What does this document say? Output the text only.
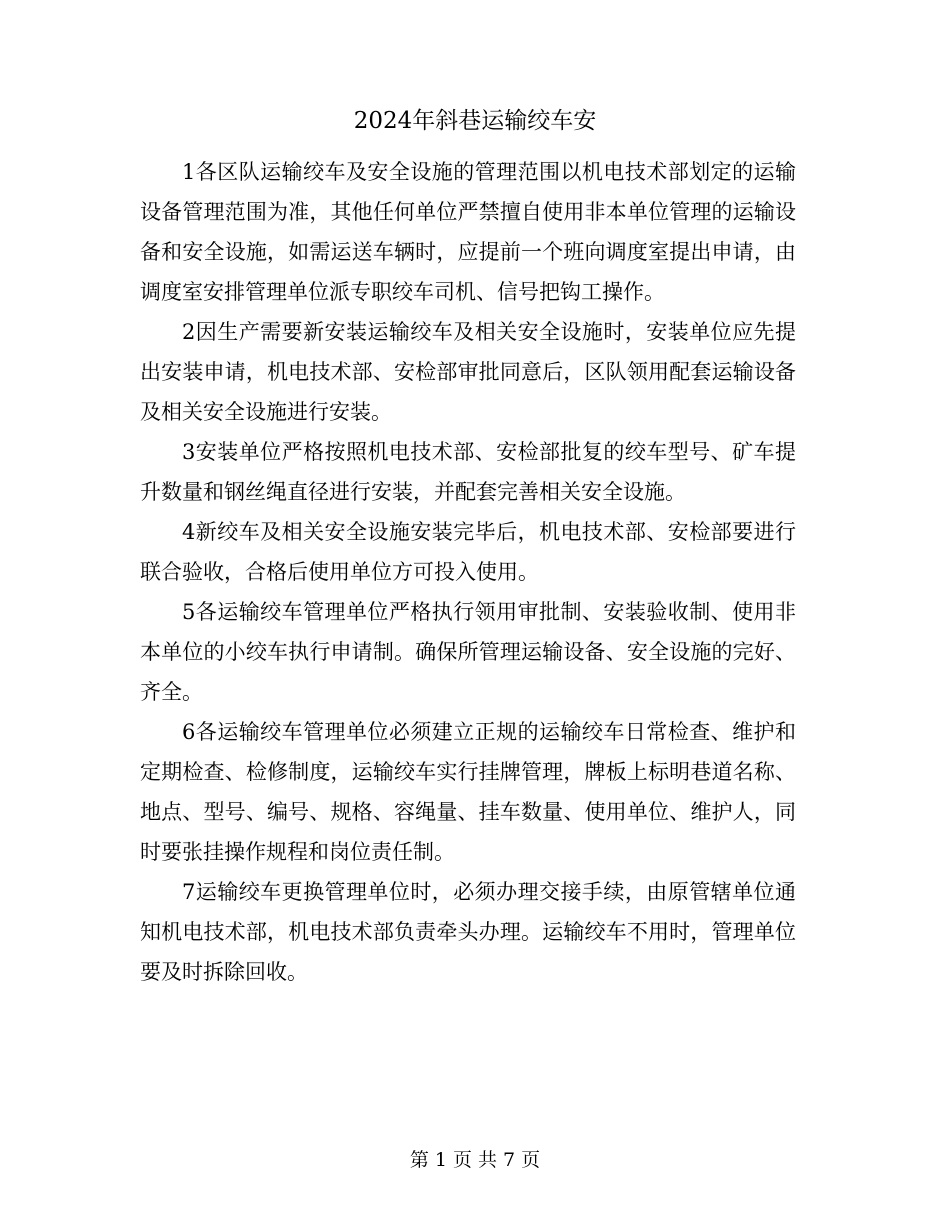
2024年斜巷运输绞车安

1各区队运输绞车及安全设施的管理范围以机电技术部划定的运输设备管理范围为准，其他任何单位严禁擅自使用非本单位管理的运输设备和安全设施，如需运送车辆时，应提前一个班向调度室提出申请，由调度室安排管理单位派专职绞车司机、信号把钩工操作。

2因生产需要新安装运输绞车及相关安全设施时，安装单位应先提出安装申请，机电技术部、安检部审批同意后，区队领用配套运输设备及相关安全设施进行安装。

3安装单位严格按照机电技术部、安检部批复的绞车型号、矿车提升数量和钢丝绳直径进行安装，并配套完善相关安全设施。

4新绞车及相关安全设施安装完毕后，机电技术部、安检部要进行联合验收，合格后使用单位方可投入使用。

5各运输绞车管理单位严格执行领用审批制、安装验收制、使用非本单位的小绞车执行申请制。确保所管理运输设备、安全设施的完好、齐全。

6各运输绞车管理单位必须建立正规的运输绞车日常检查、维护和定期检查、检修制度，运输绞车实行挂牌管理，牌板上标明巷道名称、地点、型号、编号、规格、容绳量、挂车数量、使用单位、维护人，同时要张挂操作规程和岗位责任制。

7运输绞车更换管理单位时，必须办理交接手续，由原管辖单位通知机电技术部，机电技术部负责牵头办理。运输绞车不用时，管理单位要及时拆除回收。

第 1 页 共 7 页
